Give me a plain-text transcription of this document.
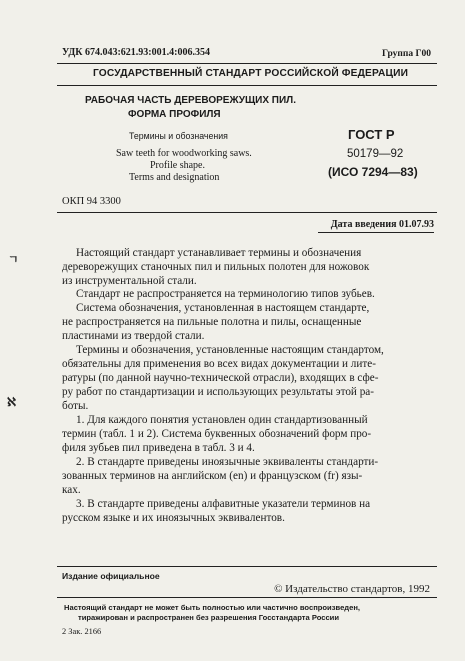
УДК 674.043:621.93:001.4:006.354	Группа Г00
ГОСУДАРСТВЕННЫЙ СТАНДАРТ РОССИЙСКОЙ ФЕДЕРАЦИИ
РАБОЧАЯ ЧАСТЬ ДЕРЕВОРЕЖУЩИХ ПИЛ.
ФОРМА ПРОФИЛЯ
Термины и обозначения
Saw teeth for woodworking saws.
Profile shape.
Terms and designation
ГОСТ Р
50179—92
(ИСО 7294—83)
ОКП 94 3300
Дата введения 01.07.93
ㄱ
ℵ
Настоящий стандарт устанавливает термины и обозначения
дереворежущих станочных пил и пильных полотен для ножовок
из инструментальной стали.
Стандарт не распространяется на терминологию типов зубьев.
Система обозначения, установленная в настоящем стандарте,
не распространяется на пильные полотна и пилы, оснащенные
пластинами из твердой стали.
Термины и обозначения, установленные настоящим стандартом,
обязательны для применения во всех видах документации и лите-
ратуры (по данной научно-технической отрасли), входящих в сфе-
ру работ по стандартизации и использующих результаты этой ра-
боты.
1. Для каждого понятия установлен один стандартизованный
термин (табл. 1 и 2). Система буквенных обозначений форм про-
филя зубьев пил приведена в табл. 3 и 4.
2. В стандарте приведены иноязычные эквиваленты стандарти-
зованных терминов на английском (en) и французском (fr) язы-
ках.
3. В стандарте приведены алфавитные указатели терминов на
русском языке и их иноязычных эквивалентов.
Издание официальное
© Издательство стандартов, 1992
Настоящий стандарт не может быть полностью или частично воспроизведен,
тиражирован и распространен без разрешения Госстандарта России
2 Зак. 2166
